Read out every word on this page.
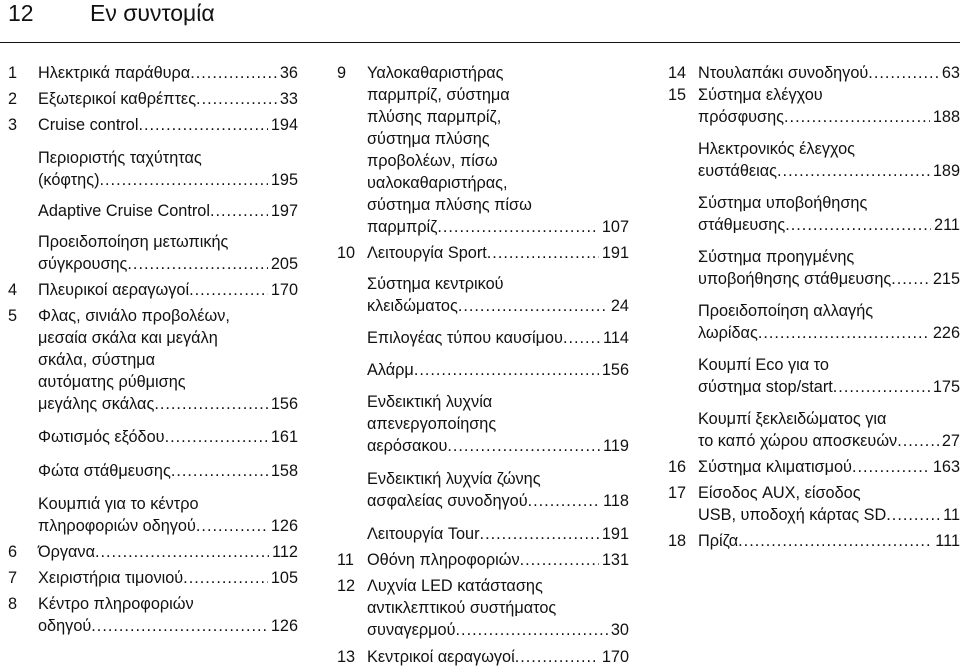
12 Εν συντομία
1	Ηλεκτρικά παράθυρα .....	36
2	Εξωτερικοί καθρέπτες .....	33
3	Cruise control .....	194
Περιοριστής ταχύτητας
(κόφτης) .....	195
Adaptive Cruise Control .....	197
Προειδοποίηση μετωπικής
σύγκρουσης .....	205
4	Πλευρικοί αεραγωγοί .....	170
5	Φλας, σινιάλο προβολέων,
μεσαία σκάλα και μεγάλη
σκάλα, σύστημα
αυτόματης ρύθμισης
μεγάλης σκάλας .....	156
Φωτισμός εξόδου .....	161
Φώτα στάθμευσης .....	158
Κουμπιά για το κέντρο
πληροφοριών οδηγού .....	126
6	Όργανα .....	112
7	Χειριστήρια τιμονιού .....	105
8	Κέντρο πληροφοριών
οδηγού .....	126
9	Υαλοκαθαριστήρας
παρμπρίζ, σύστημα
πλύσης παρμπρίζ,
σύστημα πλύσης
προβολέων, πίσω
υαλοκαθαριστήρας,
σύστημα πλύσης πίσω
παρμπρίζ .....	107
10 Λειτουργία Sport .....	191
Σύστημα κεντρικού
κλειδώματος .....	24
Επιλογέας τύπου καυσίμου ..... 114
Αλάρμ .....	156
Ενδεικτική λυχνία
απενεργοποίησης
αερόσακου .....	119
Ενδεικτική λυχνία ζώνης
ασφαλείας συνοδηγού .....	118
Λειτουργία Tour .....	191
11 Οθόνη πληροφοριών .....	131
12 Λυχνία LED κατάστασης
αντικλεπτικού συστήματος
συναγερμού .....	30
13 Κεντρικοί αεραγωγοί .....	170
14 Ντουλαπάκι συνοδηγού .....	63
15 Σύστημα ελέγχου
πρόσφυσης .....	188
Ηλεκτρονικός έλεγχος
ευστάθειας .....	189
Σύστημα υποβοήθησης
στάθμευσης .....	211
Σύστημα προηγμένης
υποβοήθησης στάθμευσης .....	215
Προειδοποίηση αλλαγής
λωρίδας .....	226
Κουμπί Eco για το
σύστημα stop/start .....	175
Κουμπί ξεκλειδώματος για
το καπό χώρου αποσκευών .....	27
16 Σύστημα κλιματισμού .....	163
17 Είσοδος AUX, είσοδος
USB, υποδοχή κάρτας SD .....	11
18 Πρίζα .....	111
